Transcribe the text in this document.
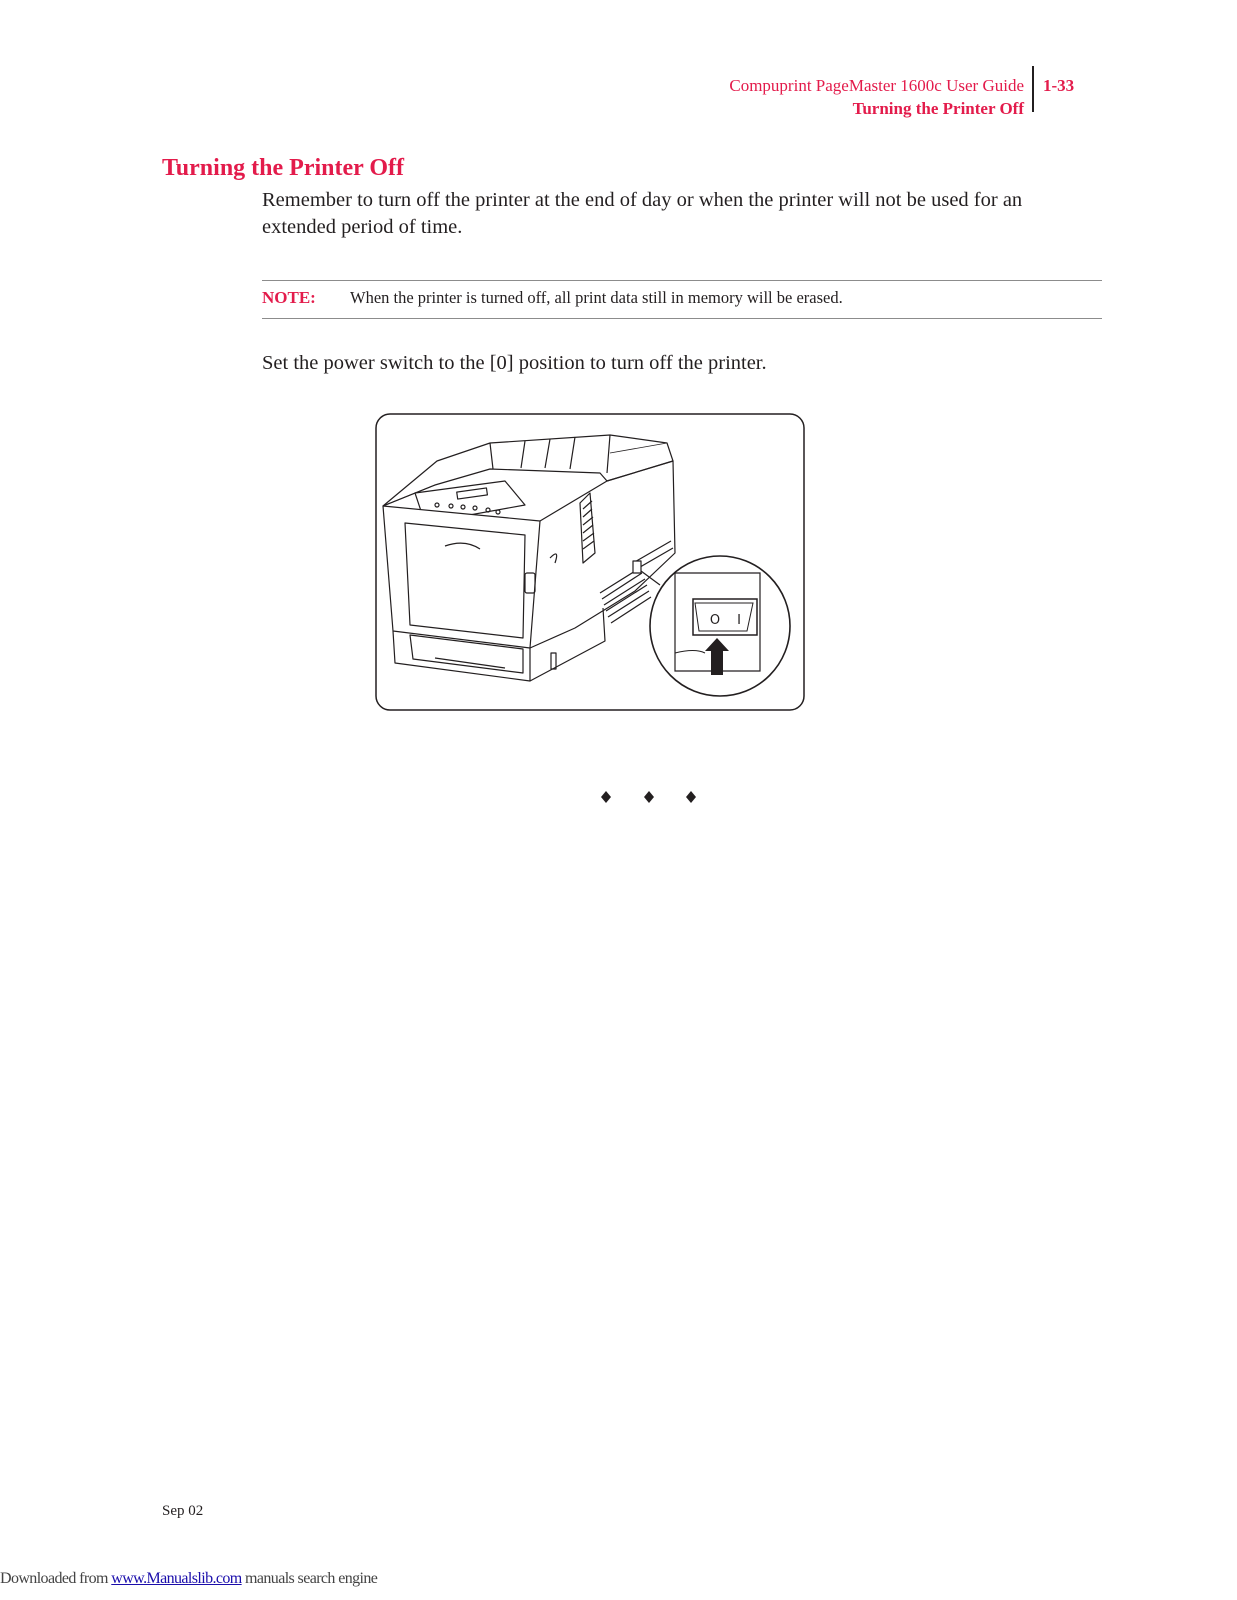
Compuprint PageMaster 1600c User Guide
Turning the Printer Off
1-33
Turning the Printer Off
Remember to turn off the printer at the end of day or when the printer will not be used for an extended period of time.
NOTE: When the printer is turned off, all print data still in memory will be erased.
Set the power switch to the [0] position to turn off the printer.
O I
Sep 02
Downloaded from www.Manualslib.com manuals search engine
